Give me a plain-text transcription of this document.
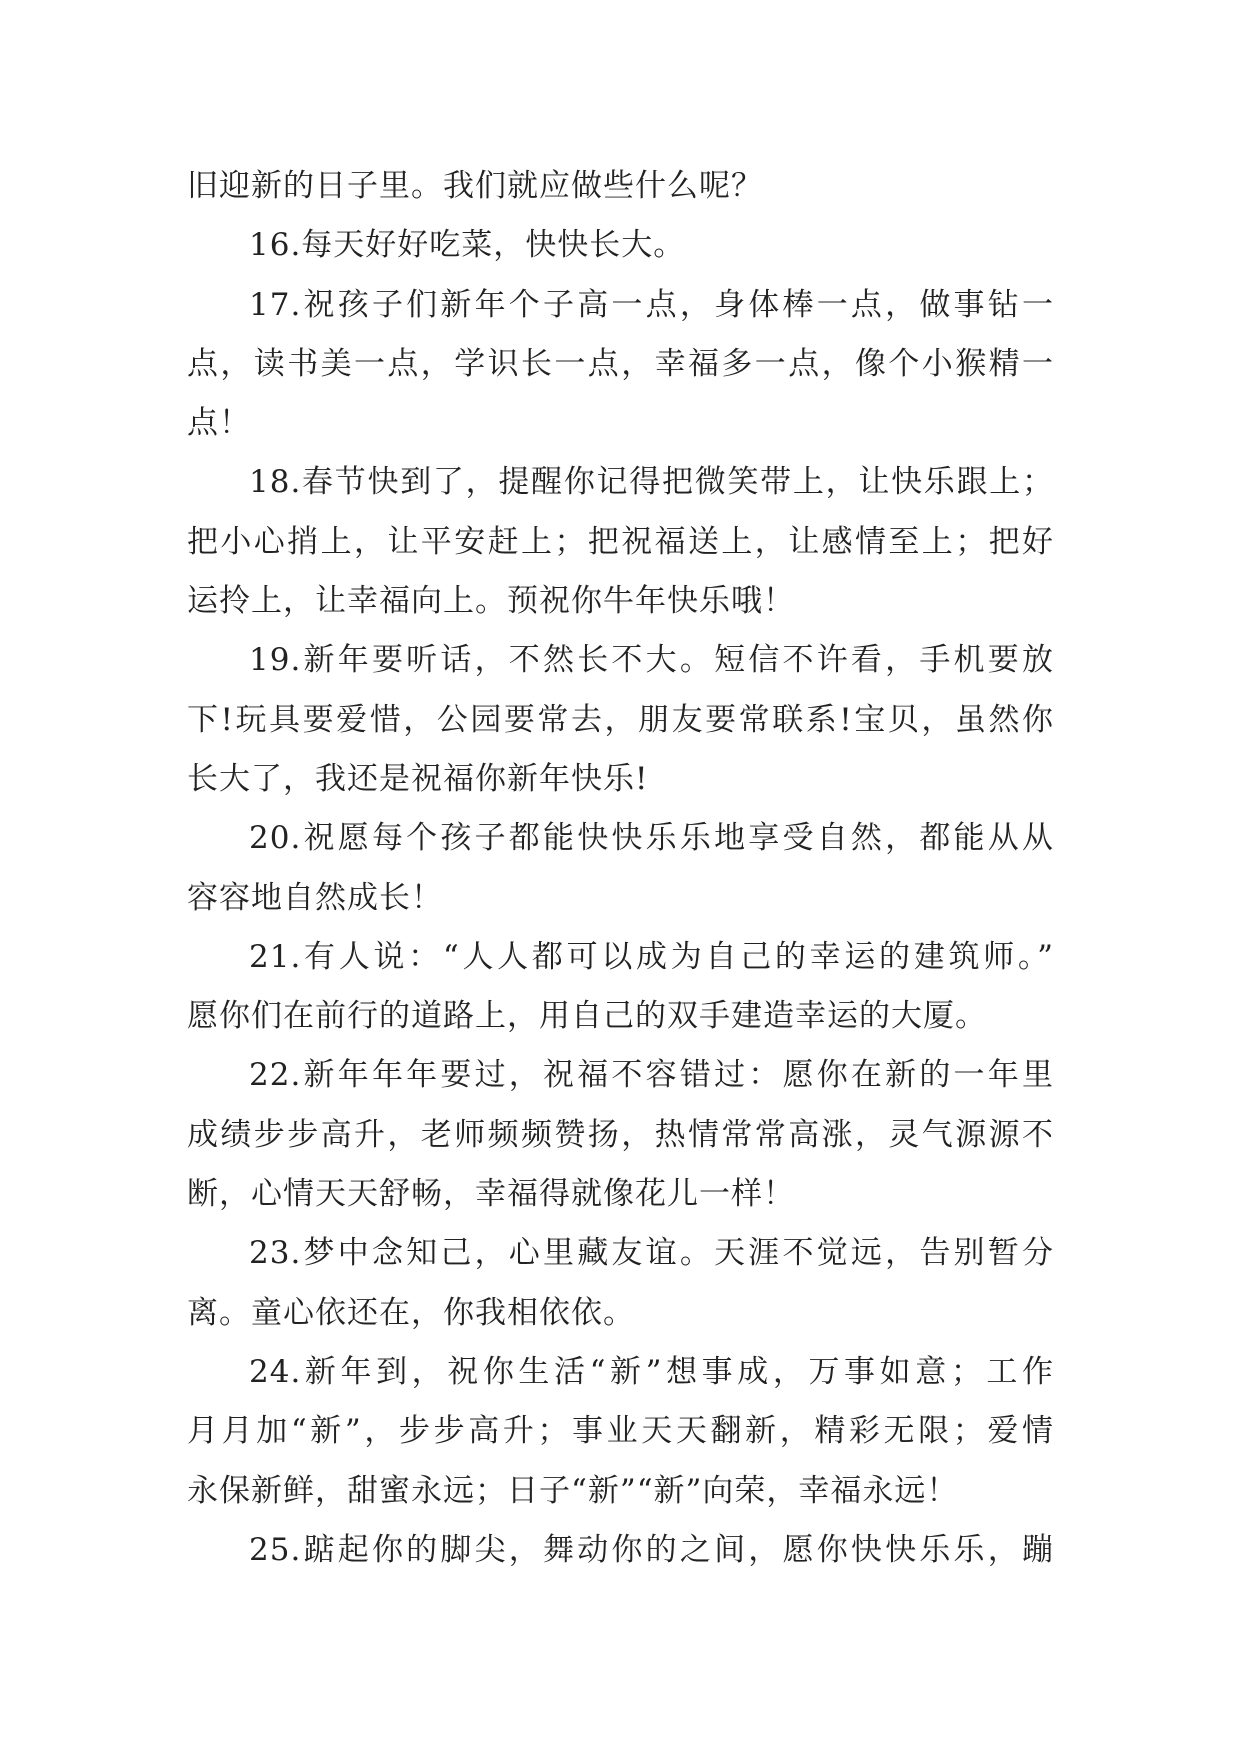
旧迎新的日子里。我们就应做些什么呢？
16.每天好好吃菜，快快长大。
17.祝孩子们新年个子高一点，身体棒一点，做事钻一
点，读书美一点，学识长一点，幸福多一点，像个小猴精一
点！
18.春节快到了，提醒你记得把微笑带上，让快乐跟上；
把小心捎上，让平安赶上；把祝福送上，让感情至上；把好
运拎上，让幸福向上。预祝你牛年快乐哦！
19.新年要听话，不然长不大。短信不许看，手机要放
下!玩具要爱惜，公园要常去，朋友要常联系!宝贝，虽然你
长大了，我还是祝福你新年快乐!
20.祝愿每个孩子都能快快乐乐地享受自然，都能从从
容容地自然成长！
21.有人说：“人人都可以成为自己的幸运的建筑师。”
愿你们在前行的道路上，用自己的双手建造幸运的大厦。
22.新年年年要过，祝福不容错过：愿你在新的一年里
成绩步步高升，老师频频赞扬，热情常常高涨，灵气源源不
断，心情天天舒畅，幸福得就像花儿一样！
23.梦中念知己，心里藏友谊。天涯不觉远，告别暂分
离。童心依还在，你我相依依。
24.新年到，祝你生活“新”想事成，万事如意；工作
月月加“新”，步步高升；事业天天翻新，精彩无限；爱情
永保新鲜，甜蜜永远；日子“新”“新”向荣，幸福永远！
25.踮起你的脚尖，舞动你的之间，愿你快快乐乐，蹦
